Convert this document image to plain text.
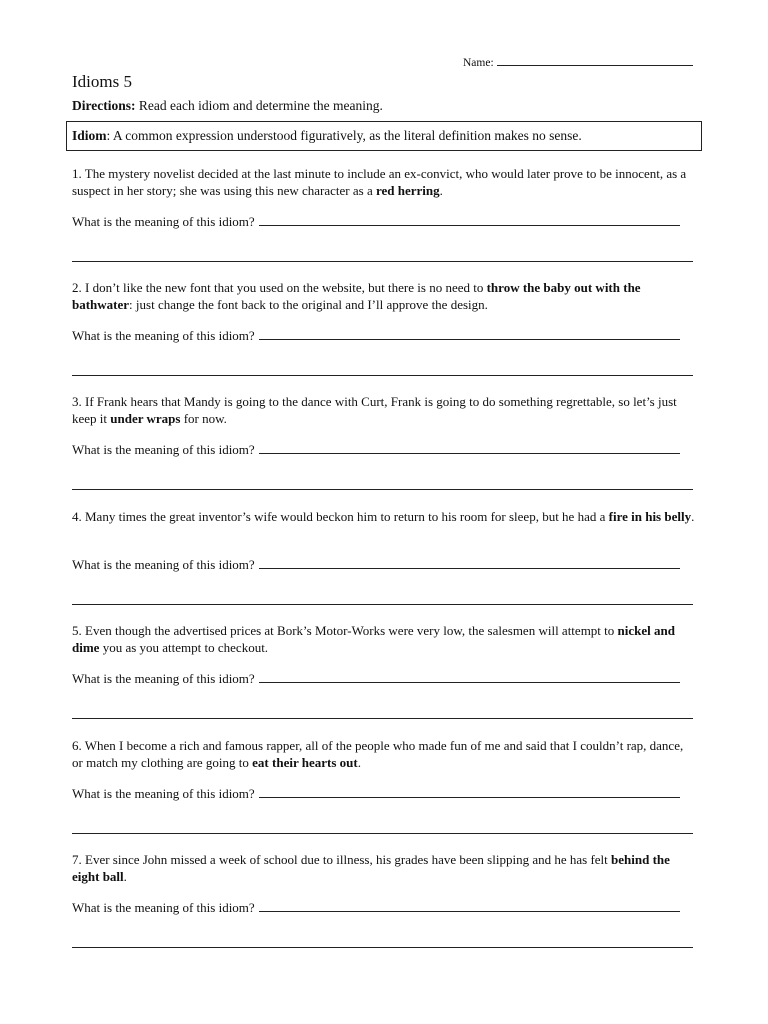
Name:
Idioms 5
Directions: Read each idiom and determine the meaning.
Idiom: A common expression understood figuratively, as the literal definition makes no sense.

1. The mystery novelist decided at the last minute to include an ex-convict, who would later prove to be innocent, as a suspect in her story; she was using this new character as a red herring.

What is the meaning of this idiom?

2. I don’t like the new font that you used on the website, but there is no need to throw the baby out with the bathwater: just change the font back to the original and I’ll approve the design.

What is the meaning of this idiom?

3. If Frank hears that Mandy is going to the dance with Curt, Frank is going to do something regrettable, so let’s just keep it under wraps for now.

What is the meaning of this idiom?

4. Many times the great inventor’s wife would beckon him to return to his room for sleep, but he had a fire in his belly.

What is the meaning of this idiom?

5. Even though the advertised prices at Bork’s Motor-Works were very low, the salesmen will attempt to nickel and dime you as you attempt to checkout.

What is the meaning of this idiom?

6. When I become a rich and famous rapper, all of the people who made fun of me and said that I couldn’t rap, dance, or match my clothing are going to eat their hearts out.

What is the meaning of this idiom?

7. Ever since John missed a week of school due to illness, his grades have been slipping and he has felt behind the eight ball.

What is the meaning of this idiom?
